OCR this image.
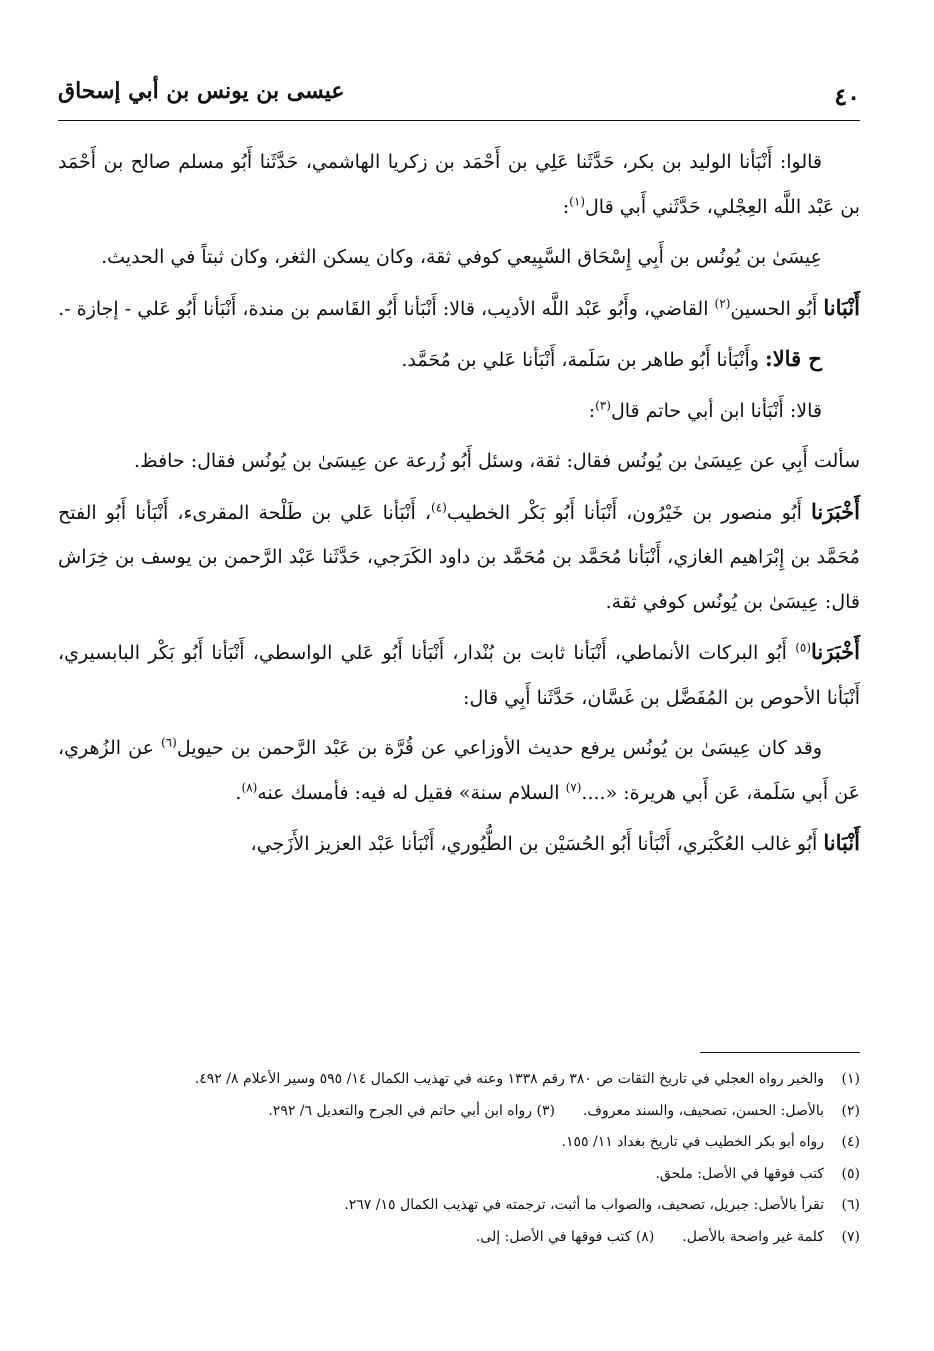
٤٠
عيسى بن يونس بن أبي إسحاق

قالوا: أَنْبَأنا الوليد بن بكر، حَدَّثَنا عَلِي بن أَحْمَد بن زكريا الهاشمي، حَدَّثَنا أَبُو مسلم صالح بن أَحْمَد بن عَبْد اللَّه العِجْلي، حَدَّثَني أَبي قال$^{(١)}$:

عِيسَىٰ بن يُونُس بن أَبِي إِسْحَاق السَّبِيعي كوفي ثقة، وكان يسكن الثغر، وكان ثبتاً في الحديث.

أَنْبَانا أَبُو الحسين$^{(٢)}$ القاضي، وأَبُو عَبْد اللَّه الأديب، قالا: أَنْبَأنا أَبُو القَاسم بن مندة، أَنْبَأنا أَبُو عَلي - إجازة -.

ح قالا: وأَنْبَأنا أَبُو طاهر بن سَلَمة، أَنْبَأنا عَلي بن مُحَمَّد.

قالا: أَنْبَأنا ابن أبي حاتم قال$^{(٣)}$:

سألت أَبِي عن عِيسَىٰ بن يُونُس فقال: ثقة، وسئل أَبُو زُرعة عن عِيسَىٰ بن يُونُس فقال: حافظ.

أَخْبَرَنا أَبُو منصور بن خَيْرُون، أَنْبَأنا أَبُو بَكْر الخطيب$^{(٤)}$، أَنْبَأنا عَلي بن طَلْحة المقرىء، أَنْبَأنا أَبُو الفتح مُحَمَّد بن إِبْرَاهيم الغازي، أَنْبَأنا مُحَمَّد بن مُحَمَّد بن داود الكَرَجي، حَدَّثَنا عَبْد الرَّحمن بن يوسف بن خِرَاش قال: عِيسَىٰ بن يُونُس كوفي ثقة.

أَخْبَرَنا$^{(٥)}$ أَبُو البركات الأنماطي، أَنْبَأنا ثابت بن بُنْدار، أَنْبَأنا أَبُو عَلي الواسطي، أَنْبَأنا أَبُو بَكْر البابسيري، أَنْبَأنا الأحوص بن المُفَضَّل بن غَسَّان، حَدَّثَنا أَبِي قال:

وقد كان عِيسَىٰ بن يُونُس يرفع حديث الأوزاعي عن قُرَّة بن عَبْد الرَّحمن بن حيويل$^{(٦)}$ عن الزُهري، عَن أَبي سَلَمة، عَن أَبي هريرة: «....$^{(٧)}$ السلام سنة» فقيل له فيه: فأمسك عنه$^{(٨)}$.

أَنْبَانا أَبُو غالب العُكْبَري، أَنْبَأنا أَبُو الحُسَيْن بن الطُّيُوري، أَنْبَأنا عَبْد العزيز الأَزَجي،

(١)
والخبر رواه العجلي في تاريخ الثقات ص ٣٨٠ رقم ١٣٣٨ وعنه في تهذيب الكمال ١٤/ ٥٩٥ وسير الأعلام ٨/ ٤٩٢.

(٢)
بالأصل: الحسن، تصحيف، والسند معروف.(٣) رواه ابن أبي حاتم في الجرح والتعديل ٦/ ٢٩٢.

(٤)
رواه أبو بكر الخطيب في تاريخ بغداد ١١/ ١٥٥.

(٥)
كتب فوقها في الأصل: ملحق.

(٦)
تقرأ بالأصل: جبريل، تصحيف، والصواب ما أثبت، ترجمته في تهذيب الكمال ١٥/ ٢٦٧.

(٧)
كلمة غير واضحة بالأصل.(٨) كتب فوقها في الأصل: إلى.
